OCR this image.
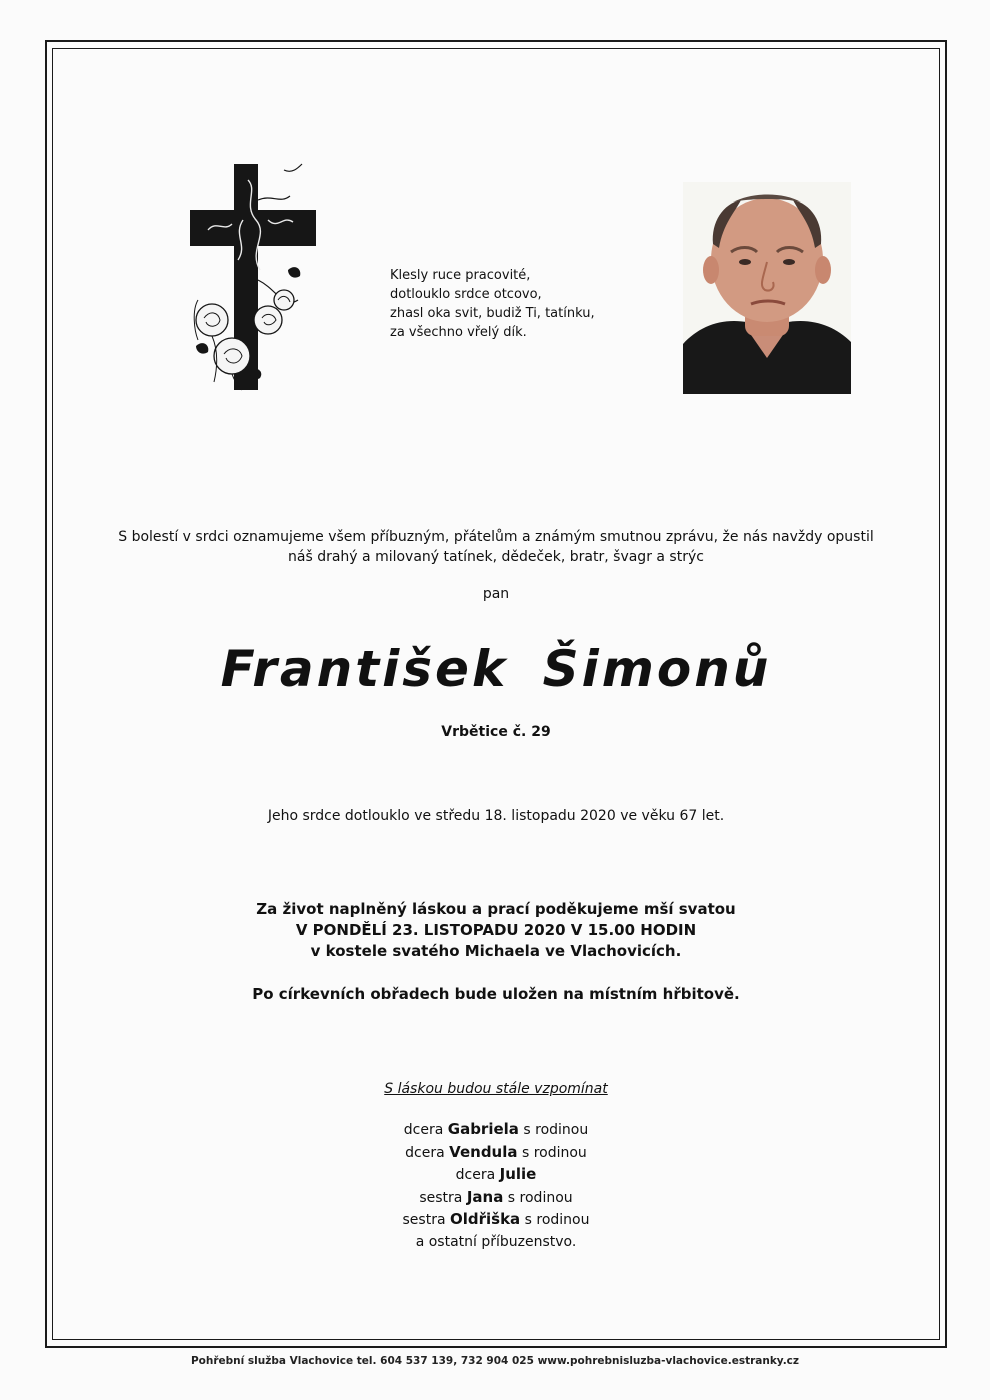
Klesly ruce pracovité,
dotlouklo srdce otcovo,
zhasl oka svit, budiž Ti, tatínku,
za všechno vřelý dík.
S bolestí v srdci oznamujeme všem příbuzným, přátelům a známým smutnou zprávu, že nás navždy opustil
náš drahý a milovaný tatínek, dědeček, bratr, švagr a strýc
pan
František Šimonů
Vrbětice č. 29
Jeho srdce dotlouklo ve středu 18. listopadu 2020 ve věku 67 let.
Za život naplněný láskou a prací poděkujeme mší svatou
V PONDĚLÍ 23. LISTOPADU 2020 V 15.00 HODIN
v kostele svatého Michaela ve Vlachovicích.
Po církevních obřadech bude uložen na místním hřbitově.
S láskou budou stále vzpomínat
dcera Gabriela s rodinou
dcera Vendula s rodinou
dcera Julie
sestra Jana s rodinou
sestra Oldřiška s rodinou
a ostatní příbuzenstvo.
Pohřební služba Vlachovice tel. 604 537 139, 732 904 025 www.pohrebnisluzba-vlachovice.estranky.cz
